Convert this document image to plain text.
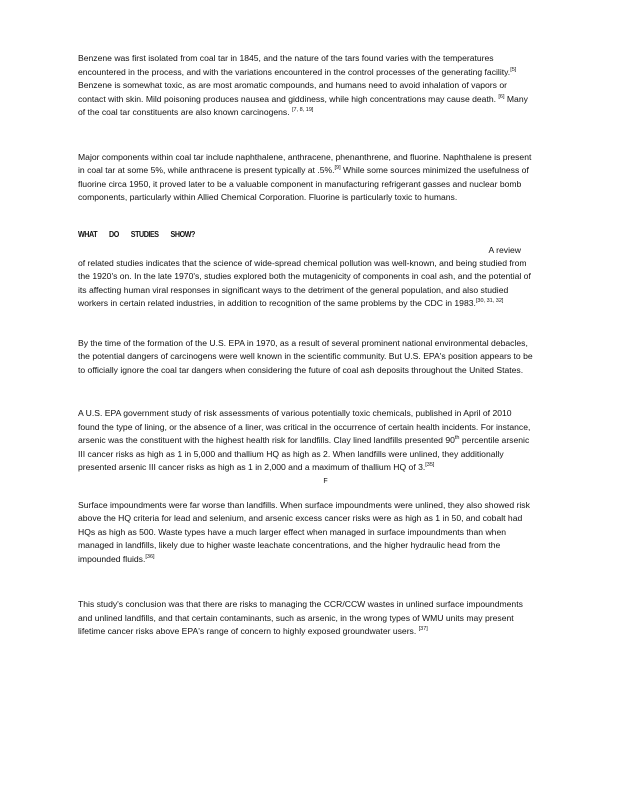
Benzene was first isolated from coal tar in 1845, and the nature of the tars found varies with the temperatures encountered in the process, and with the variations encountered in the control processes of the generating facility.[5] Benzene is somewhat toxic, as are most aromatic compounds, and humans need to avoid inhalation of vapors or contact with skin. Mild poisoning produces nausea and giddiness, while high concentrations may cause death. [6] Many of the coal tar constituents are also known carcinogens. [7, 8, 19]

Major components within coal tar include naphthalene, anthracene, phenanthrene, and fluorine. Naphthalene is present in coal tar at some 5%, while anthracene is present typically at .5%.[9] While some sources minimized the usefulness of fluorine circa 1950, it proved later to be a valuable component in manufacturing refrigerant gasses and nuclear bomb components, particularly within Allied Chemical Corporation. Fluorine is particularly toxic to humans.

WHAT DO STUDIES SHOW?
A review

of related studies indicates that the science of wide-spread chemical pollution was well-known, and being studied from the 1920's on. In the late 1970's, studies explored both the mutagenicity of components in coal ash, and the potential of its affecting human viral responses in significant ways to the detriment of the general population, and also studied workers in certain related industries, in addition to recognition of the same problems by the CDC in 1983.[30, 31, 32]

By the time of the formation of the U.S. EPA in 1970, as a result of several prominent national environmental debacles, the potential dangers of carcinogens were well known in the scientific community. But U.S. EPA's position appears to be to officially ignore the coal tar dangers when considering the future of coal ash deposits throughout the United States.

A U.S. EPA government study of risk assessments of various potentially toxic chemicals, published in April of 2010 found the type of lining, or the absence of a liner, was critical in the occurrence of certain health incidents. For instance, arsenic was the constituent with the highest health risk for landfills. Clay lined landfills presented 90th percentile arsenic III cancer risks as high as 1 in 5,000 and thallium HQ as high as 2. When landfills were unlined, they additionally presented arsenic III cancer risks as high as 1 in 2,000 and a maximum of thallium HQ of 3.[35]

F

Surface impoundments were far worse than landfills. When surface impoundments were unlined, they also showed risk above the HQ criteria for lead and selenium, and arsenic excess cancer risks were as high as 1 in 50, and cobalt had HQs as high as 500. Waste types have a much larger effect when managed in surface impoundments than when managed in landfills, likely due to higher waste leachate concentrations, and the higher hydraulic head from the impounded fluids.[36]

This study's conclusion was that there are risks to managing the CCR/CCW wastes in unlined surface impoundments and unlined landfills, and that certain contaminants, such as arsenic, in the wrong types of WMU units may present lifetime cancer risks above EPA's range of concern to highly exposed groundwater users. [37]
